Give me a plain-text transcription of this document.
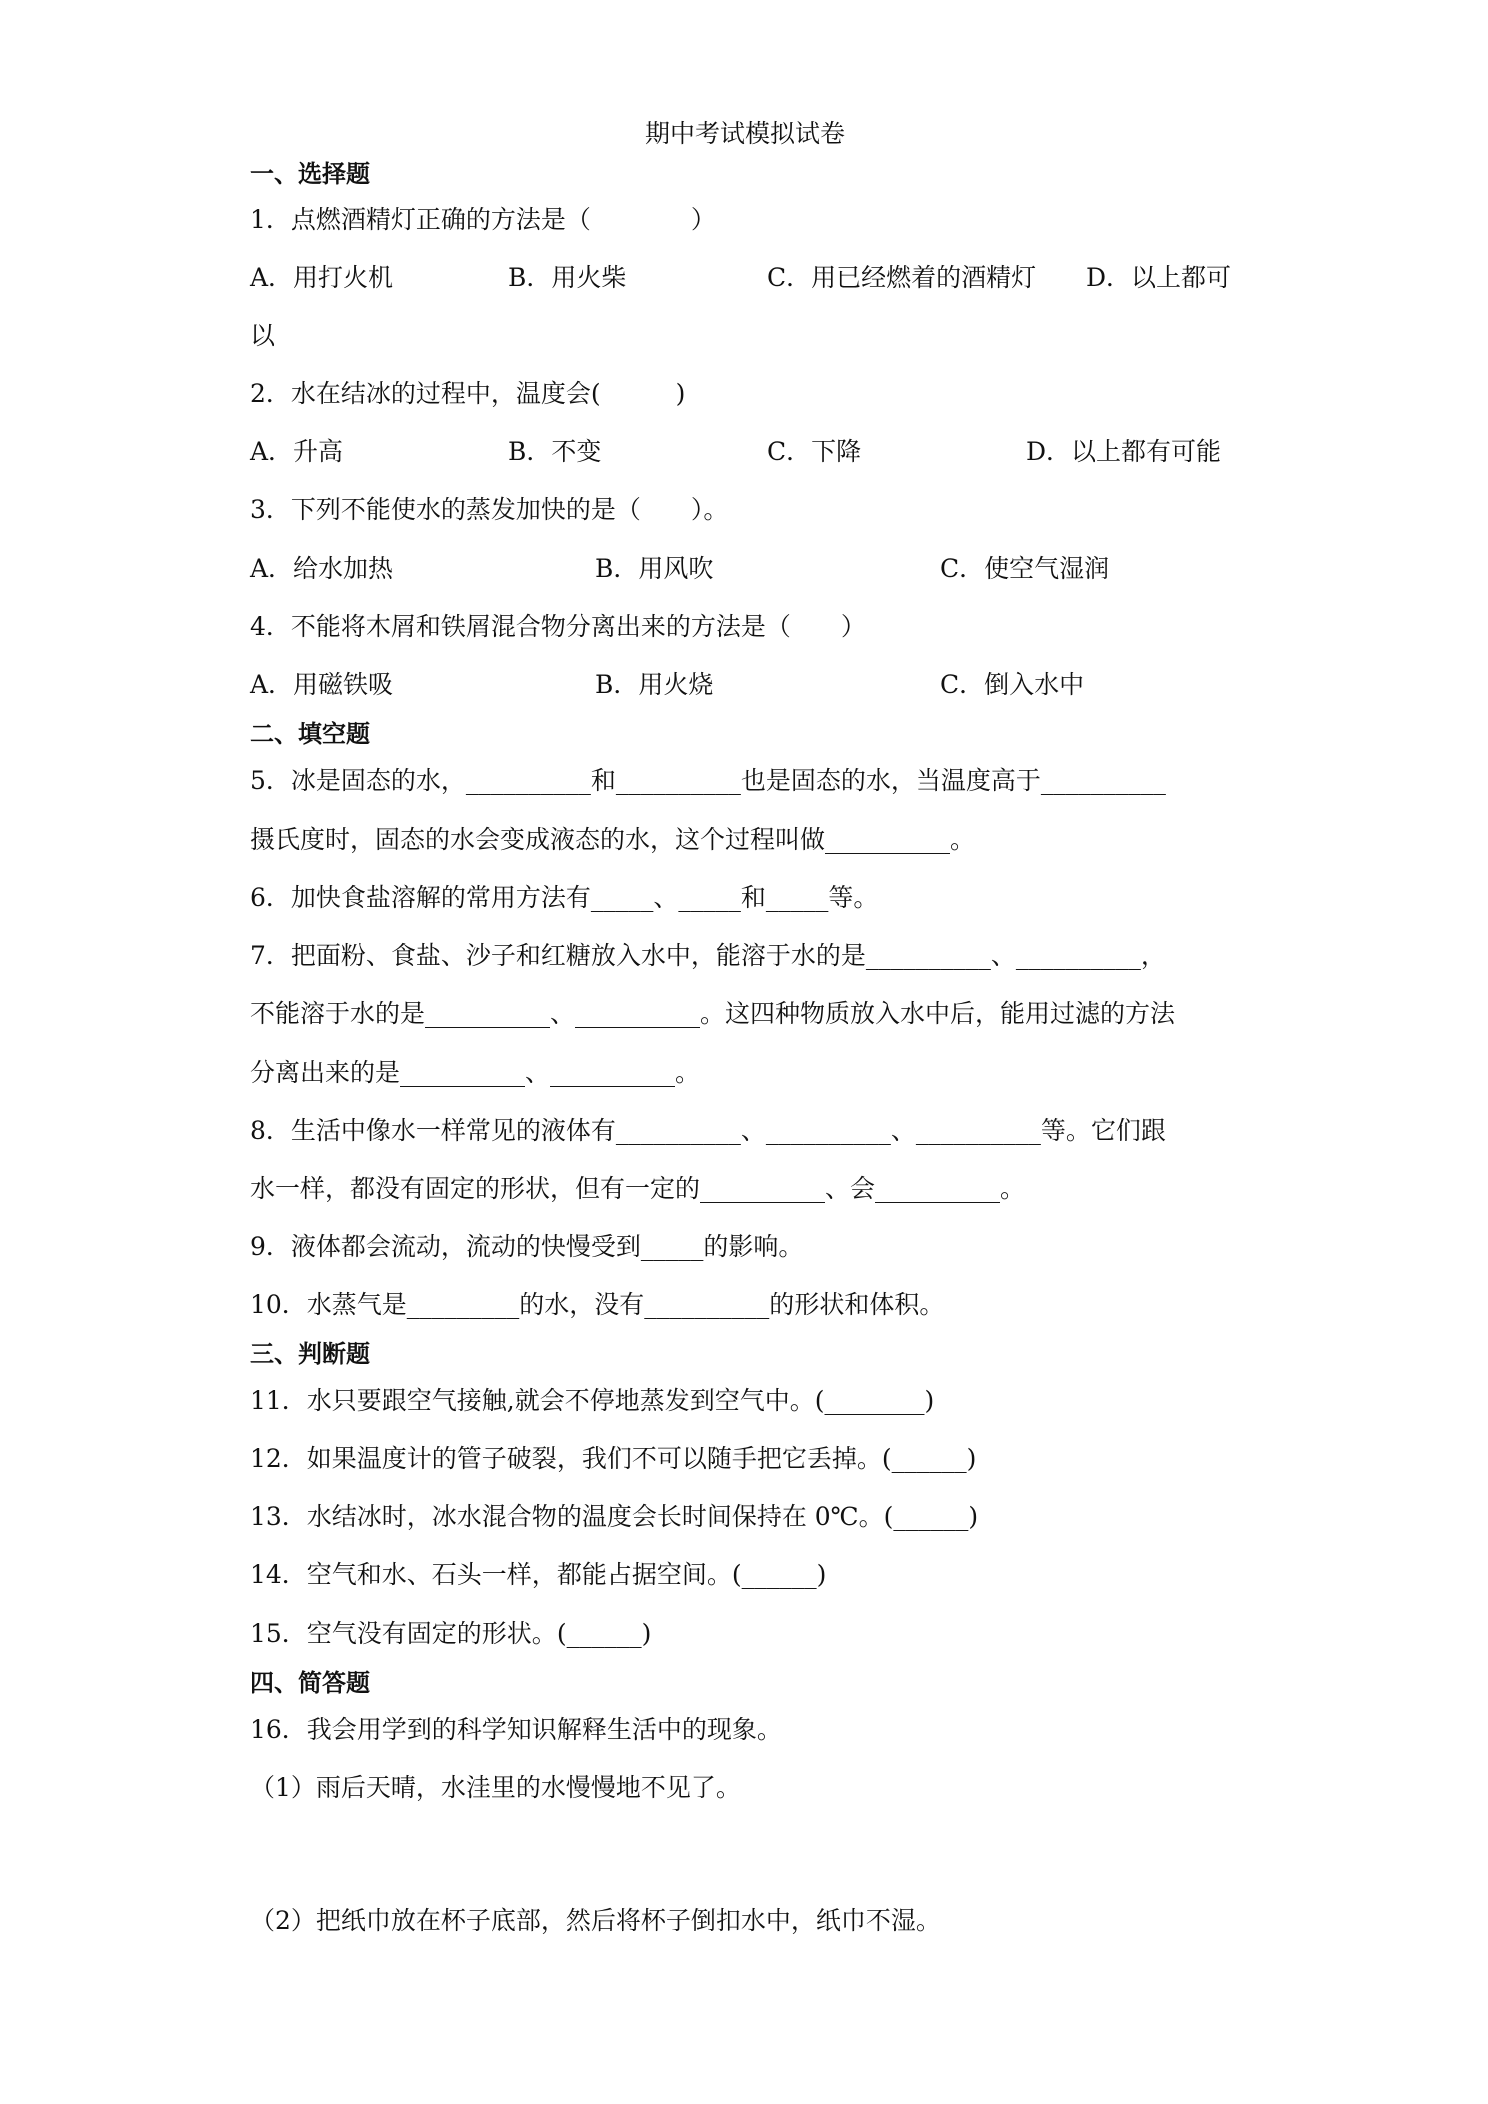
期中考试模拟试卷
一、选择题
1．点燃酒精灯正确的方法是（　　　　）
A．用打火机	B．用火柴	C．用已经燃着的酒精灯 D．以上都可
以
2．水在结冰的过程中，温度会(　　　)
A．升高	B．不变	C．下降	D．以上都有可能
3．下列不能使水的蒸发加快的是（　　）。
A．给水加热	B．用风吹	C．使空气湿润
4．不能将木屑和铁屑混合物分离出来的方法是（　　）
A．用磁铁吸	B．用火烧	C．倒入水中
二、填空题
5．冰是固态的水，__________和__________也是固态的水，当温度高于__________
摄氏度时，固态的水会变成液态的水，这个过程叫做__________。
6．加快食盐溶解的常用方法有_____、_____和_____等。
7．把面粉、食盐、沙子和红糖放入水中，能溶于水的是__________、__________，
不能溶于水的是__________、__________。这四种物质放入水中后，能用过滤的方法
分离出来的是__________、__________。
8．生活中像水一样常见的液体有__________、__________、__________等。它们跟
水一样，都没有固定的形状，但有一定的__________、会__________。
9．液体都会流动，流动的快慢受到_____的影响。
10．水蒸气是_________的水，没有__________的形状和体积。
三、判断题
11．水只要跟空气接触,就会不停地蒸发到空气中。(________)
12．如果温度计的管子破裂，我们不可以随手把它丢掉。(______)
13．水结冰时，冰水混合物的温度会长时间保持在 0℃。(______)
14．空气和水、石头一样，都能占据空间。(______)
15．空气没有固定的形状。(______)
四、简答题
16．我会用学到的科学知识解释生活中的现象。
（1）雨后天晴，水洼里的水慢慢地不见了。
（2）把纸巾放在杯子底部，然后将杯子倒扣水中，纸巾不湿。
